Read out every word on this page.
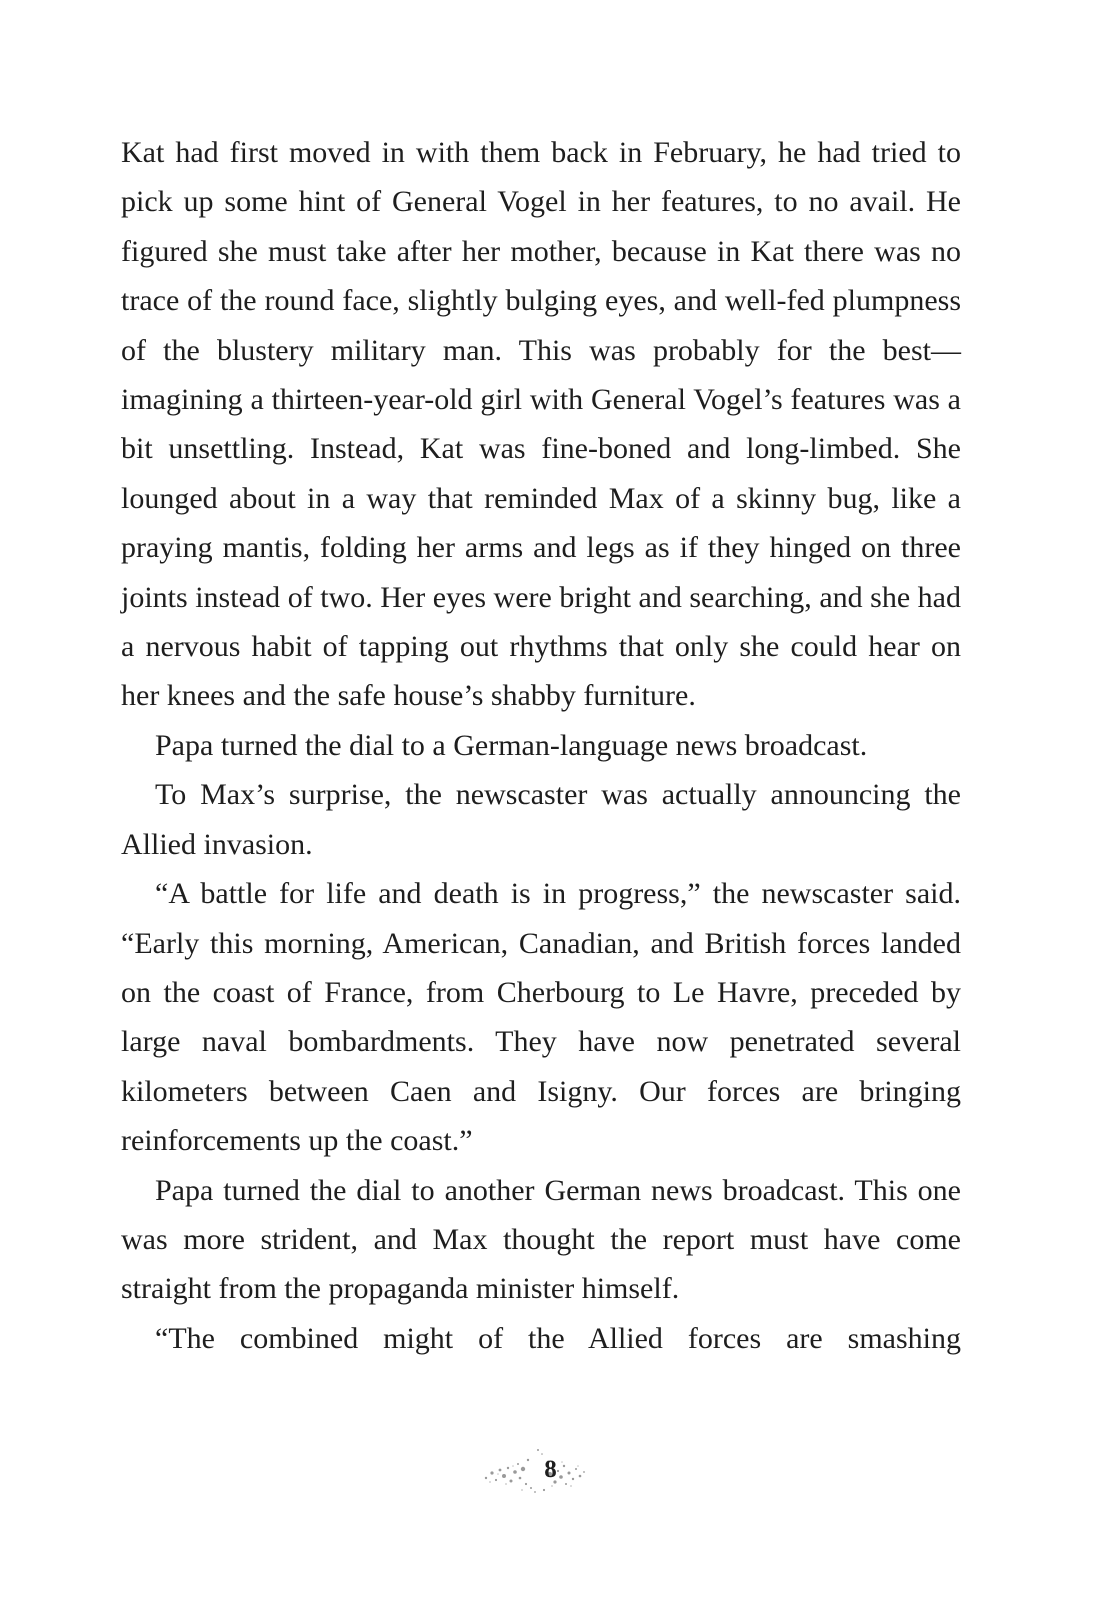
Kat had first moved in with them back in February, he had tried to pick up some hint of General Vogel in her features, to no avail. He figured she must take after her mother, because in Kat there was no trace of the round face, slightly bulging eyes, and well-fed plumpness of the blustery military man. This was probably for the best—imagining a thirteen-year-old girl with General Vogel’s features was a bit unsettling. Instead, Kat was fine-boned and long-limbed. She lounged about in a way that reminded Max of a skinny bug, like a praying mantis, folding her arms and legs as if they hinged on three joints instead of two. Her eyes were bright and searching, and she had a nervous habit of tapping out rhythms that only she could hear on her knees and the safe house’s shabby furniture.

Papa turned the dial to a German-language news broadcast.

To Max’s surprise, the newscaster was actually announcing the Allied invasion.

“A battle for life and death is in progress,” the newscaster said. “Early this morning, American, Canadian, and British forces landed on the coast of France, from Cherbourg to Le Havre, preceded by large naval bombardments. They have now penetrated several kilometers between Caen and Isigny. Our forces are bringing reinforcements up the coast.”

Papa turned the dial to another German news broadcast. This one was more strident, and Max thought the report must have come straight from the propaganda minister himself.

“The combined might of the Allied forces are smashing

8
